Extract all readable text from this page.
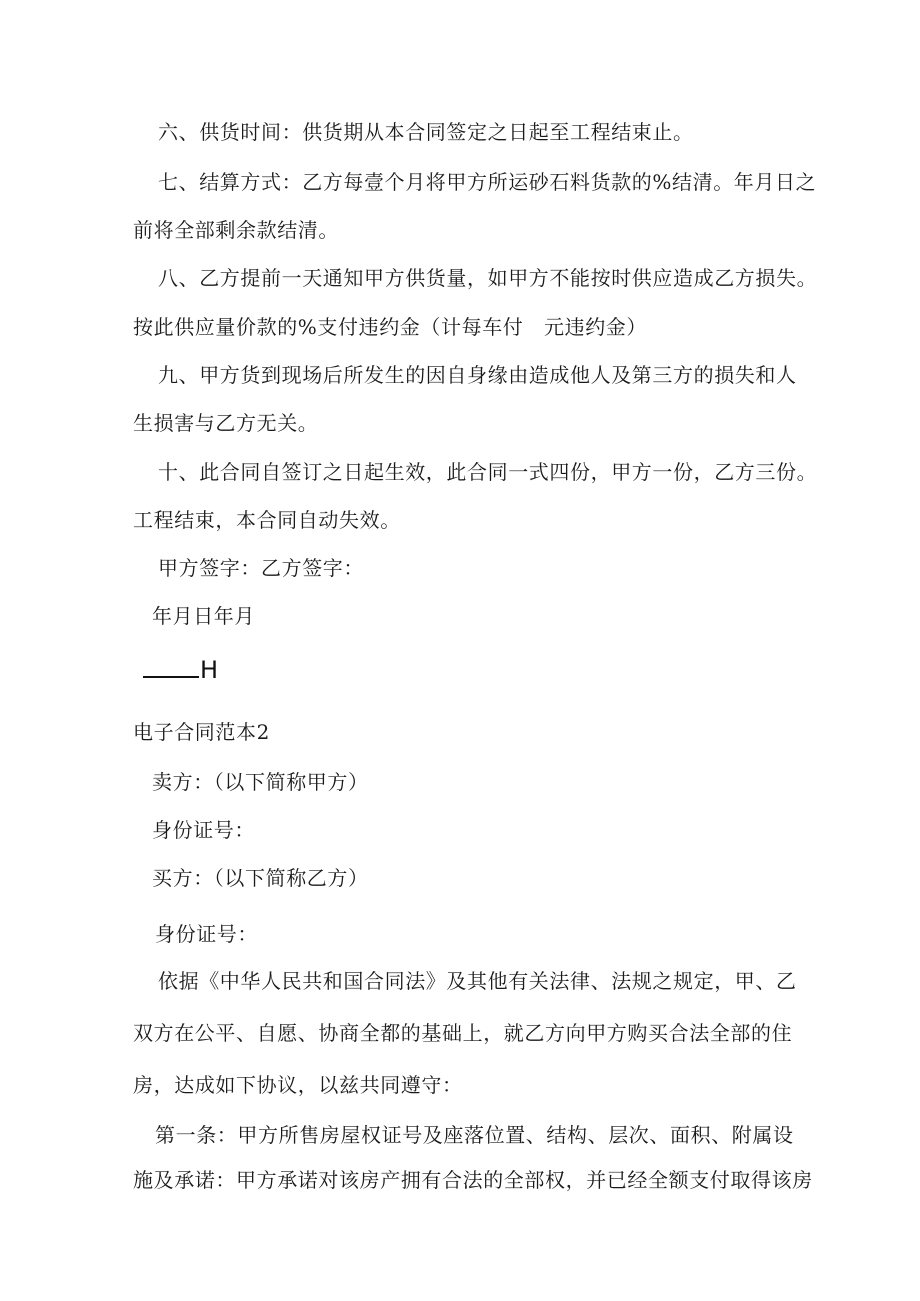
六、供货时间：供货期从本合同签定之日起至工程结束止。
七、结算方式：乙方每壹个月将甲方所运砂石料货款的%结清。年月日之
前将全部剩余款结清。
八、乙方提前一天通知甲方供货量，如甲方不能按时供应造成乙方损失。
按此供应量价款的%支付违约金（计每车付　元违约金）
九、甲方货到现场后所发生的因自身缘由造成他人及第三方的损失和人
生损害与乙方无关。
十、此合同自签订之日起生效，此合同一式四份，甲方一份，乙方三份。
工程结束，本合同自动失效。
甲方签字：乙方签字：
年月日年月
H
电子合同范本2
卖方：（以下简称甲方）
身份证号：
买方：（以下简称乙方）
身份证号：
依据《中华人民共和国合同法》及其他有关法律、法规之规定，甲、乙
双方在公平、自愿、协商全都的基础上，就乙方向甲方购买合法全部的住
房，达成如下协议，以兹共同遵守：
第一条：甲方所售房屋权证号及座落位置、结构、层次、面积、附属设
施及承诺：甲方承诺对该房产拥有合法的全部权，并已经全额支付取得该房
